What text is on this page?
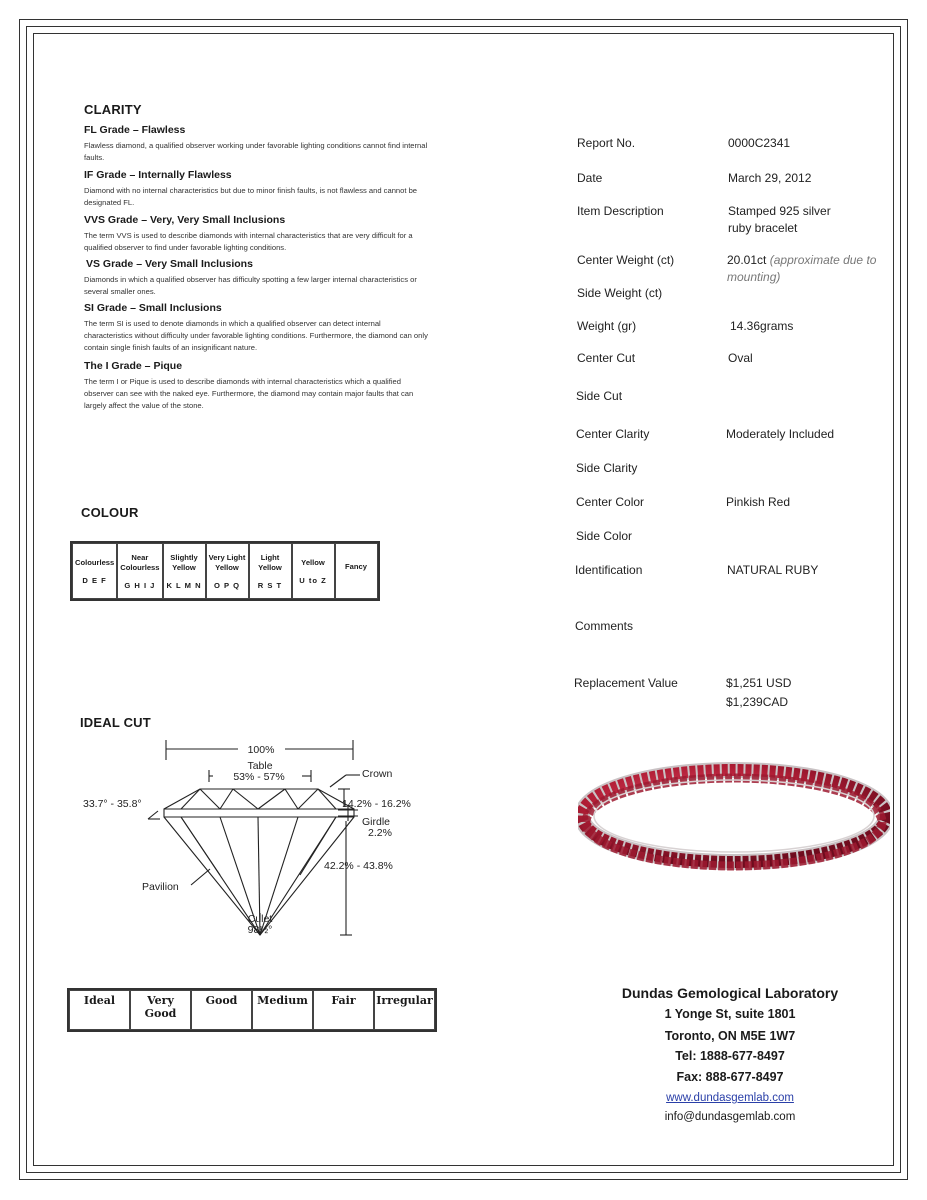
CLARITY
FL Grade – Flawless
Flawless diamond, a qualified observer working under favorable lighting conditions cannot find internal faults.
IF Grade – Internally Flawless
Diamond with no internal characteristics but due to minor finish faults, is not flawless and cannot be designated FL.
VVS Grade – Very, Very Small Inclusions
The term VVS is used to describe diamonds with internal characteristics that are very difficult for a qualified observer to find under favorable lighting conditions.
VS Grade – Very Small Inclusions
Diamonds in which a qualified observer has difficulty spotting a few larger internal characteristics or several smaller ones.
SI Grade – Small Inclusions
The term SI is used to denote diamonds in which a qualified observer can detect internal characteristics without difficulty under favorable lighting conditions. Furthermore, the diamond can only contain single finish faults of an insignificant nature.
The I Grade – Pique
The term I or Pique is used to describe diamonds with internal characteristics which a qualified observer can see with the naked eye. Furthermore, the diamond may contain major faults that can largely affect the value of the stone.
COLOUR
Colourless
D E F

Near Colourless
G H I J

Slightly Yellow
K L M N

Very Light Yellow
O P Q

Light Yellow
R S T

Yellow
U to Z

Fancy
IDEAL CUT
100%
Table
53% - 57%	Crown
33.7° - 35.8°	14.2% - 16.2%
Girdle
2.2%
42.2% - 43.8%
Pavilion
Culet
98½°
Ideal	Very Good	Good	Medium	Fair	Irregular
Report No.	0000C2341
Date	March 29, 2012
Item Description	Stamped 925 silver ruby bracelet
Center Weight (ct)	20.01ct (approximate due to mounting)
Side Weight (ct)
Weight (gr)	14.36grams
Center Cut	Oval
Side Cut
Center Clarity	Moderately Included
Side Clarity
Center Color	Pinkish Red
Side Color
Identification	NATURAL RUBY
Comments
Replacement Value	$1,251 USD
$1,239CAD
Dundas Gemological Laboratory
1 Yonge St, suite 1801
Toronto, ON M5E 1W7
Tel: 1888-677-8497
Fax: 888-677-8497
www.dundasgemlab.com
info@dundasgemlab.com
